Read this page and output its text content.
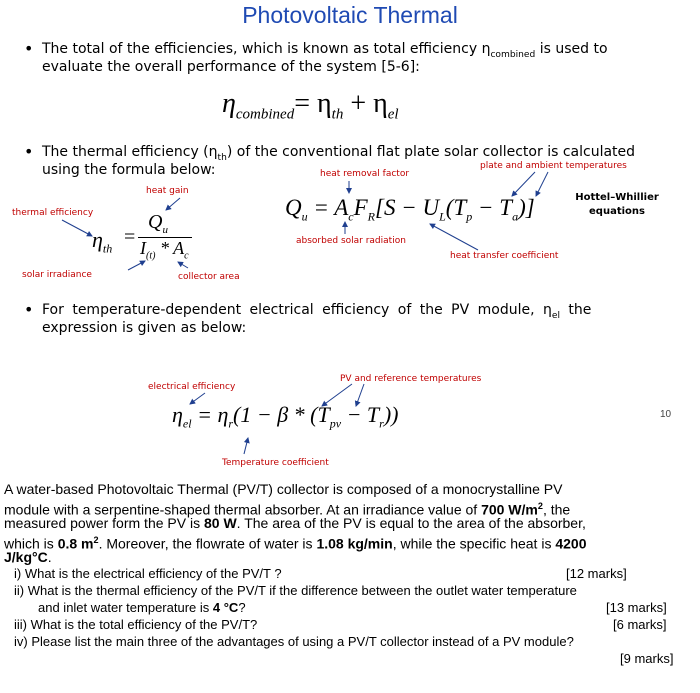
Photovoltaic Thermal
• The total of the efficiencies, which is known as total efficiency $\eta_{combined}$ is used to
evaluate the overall performance of the system [5-6]:
$\eta_{combined}= \eta_{th} + \eta_{el}$
• The thermal efficiency $(\eta_{th})$ of the conventional flat plate solar collector is calculated
using the formula below:
heat gain
thermal efficiency
solar irradiance	collector area
$\eta_{th}$
=
$Q_u$
$I_{(t)} * A_c$
heat removal factor
plate and ambient temperatures
absorbed solar radiation
heat transfer coefficient
Hottel–Whillier
equations
$Q_u = A_cF_R[S - U_L(T_p - T_a)]$
• For temperature-dependent electrical efficiency of the PV module, $\eta_{el}$ the
expression is given as below:
electrical efficiency
PV and reference temperatures
Temperature coefficient
$\eta_{el} = \eta_r(1 - \beta * (T_{pv} - T_r))$	10
A water-based Photovoltaic Thermal (PV/T) collector is composed of a monocrystalline PV
module with a serpentine-shaped thermal absorber. At an irradiance value of 700 $W/m^2$, the
measured power form the PV is 80 W. The area of the PV is equal to the area of the absorber,
which is 0.8 $m^2$. Moreover, the flowrate of water is 1.08 kg/min, while the specific heat is 4200
J/kg°C.
i) What is the electrical efficiency of the PV/T ?	[12 marks]
ii) What is the thermal efficiency of the PV/T if the difference between the outlet water temperature
and inlet water temperature is 4 °C?	[13 marks]
iii) What is the total efficiency of the PV/T?	[6 marks]
iv) Please list the main three of the advantages of using a PV/T collector instead of a PV module?
[9 marks]
